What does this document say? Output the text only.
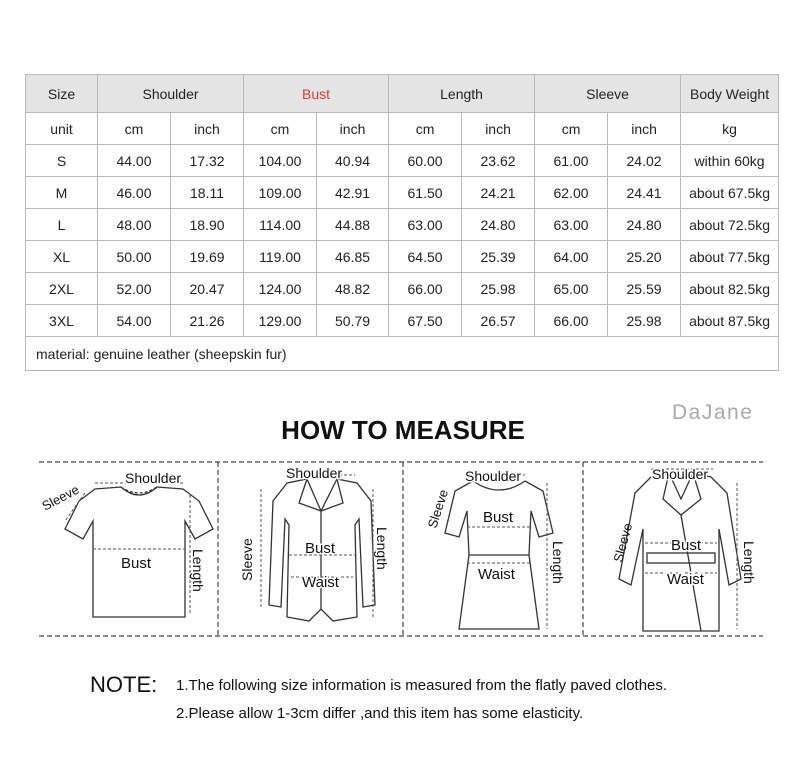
Size	Shoulder		Bust		Length		Sleeve		Body Weight
unit	cm	inch	cm	inch	cm	inch	cm	inch	kg
S	44.00	17.32	104.00	40.94	60.00	23.62	61.00	24.02	within 60kg
M	46.00	18.11	109.00	42.91	61.50	24.21	62.00	24.41	about 67.5kg
L	48.00	18.90	114.00	44.88	63.00	24.80	63.00	24.80	about 72.5kg
XL	50.00	19.69	119.00	46.85	64.50	25.39	64.00	25.20	about 77.5kg
2XL	52.00	20.47	124.00	48.82	66.00	25.98	65.00	25.59	about 82.5kg
3XL	54.00	21.26	129.00	50.79	67.50	26.57	66.00	25.98	about 87.5kg
material: genuine leather (sheepskin fur)									
DaJane
HOW TO MEASURE
Shoulder
Sleeve
Bust	Length
Shoulder
Sleeve	Bust
Waist
Length
Shoulder
Sleeve Bust
Waist	Length
Shoulder
Sleeve Bust
Waist	Length
NOTE: 1.The following size information is measured from the flatly paved clothes.
2.Please allow 1-3cm differ ,and this item has some elasticity.
